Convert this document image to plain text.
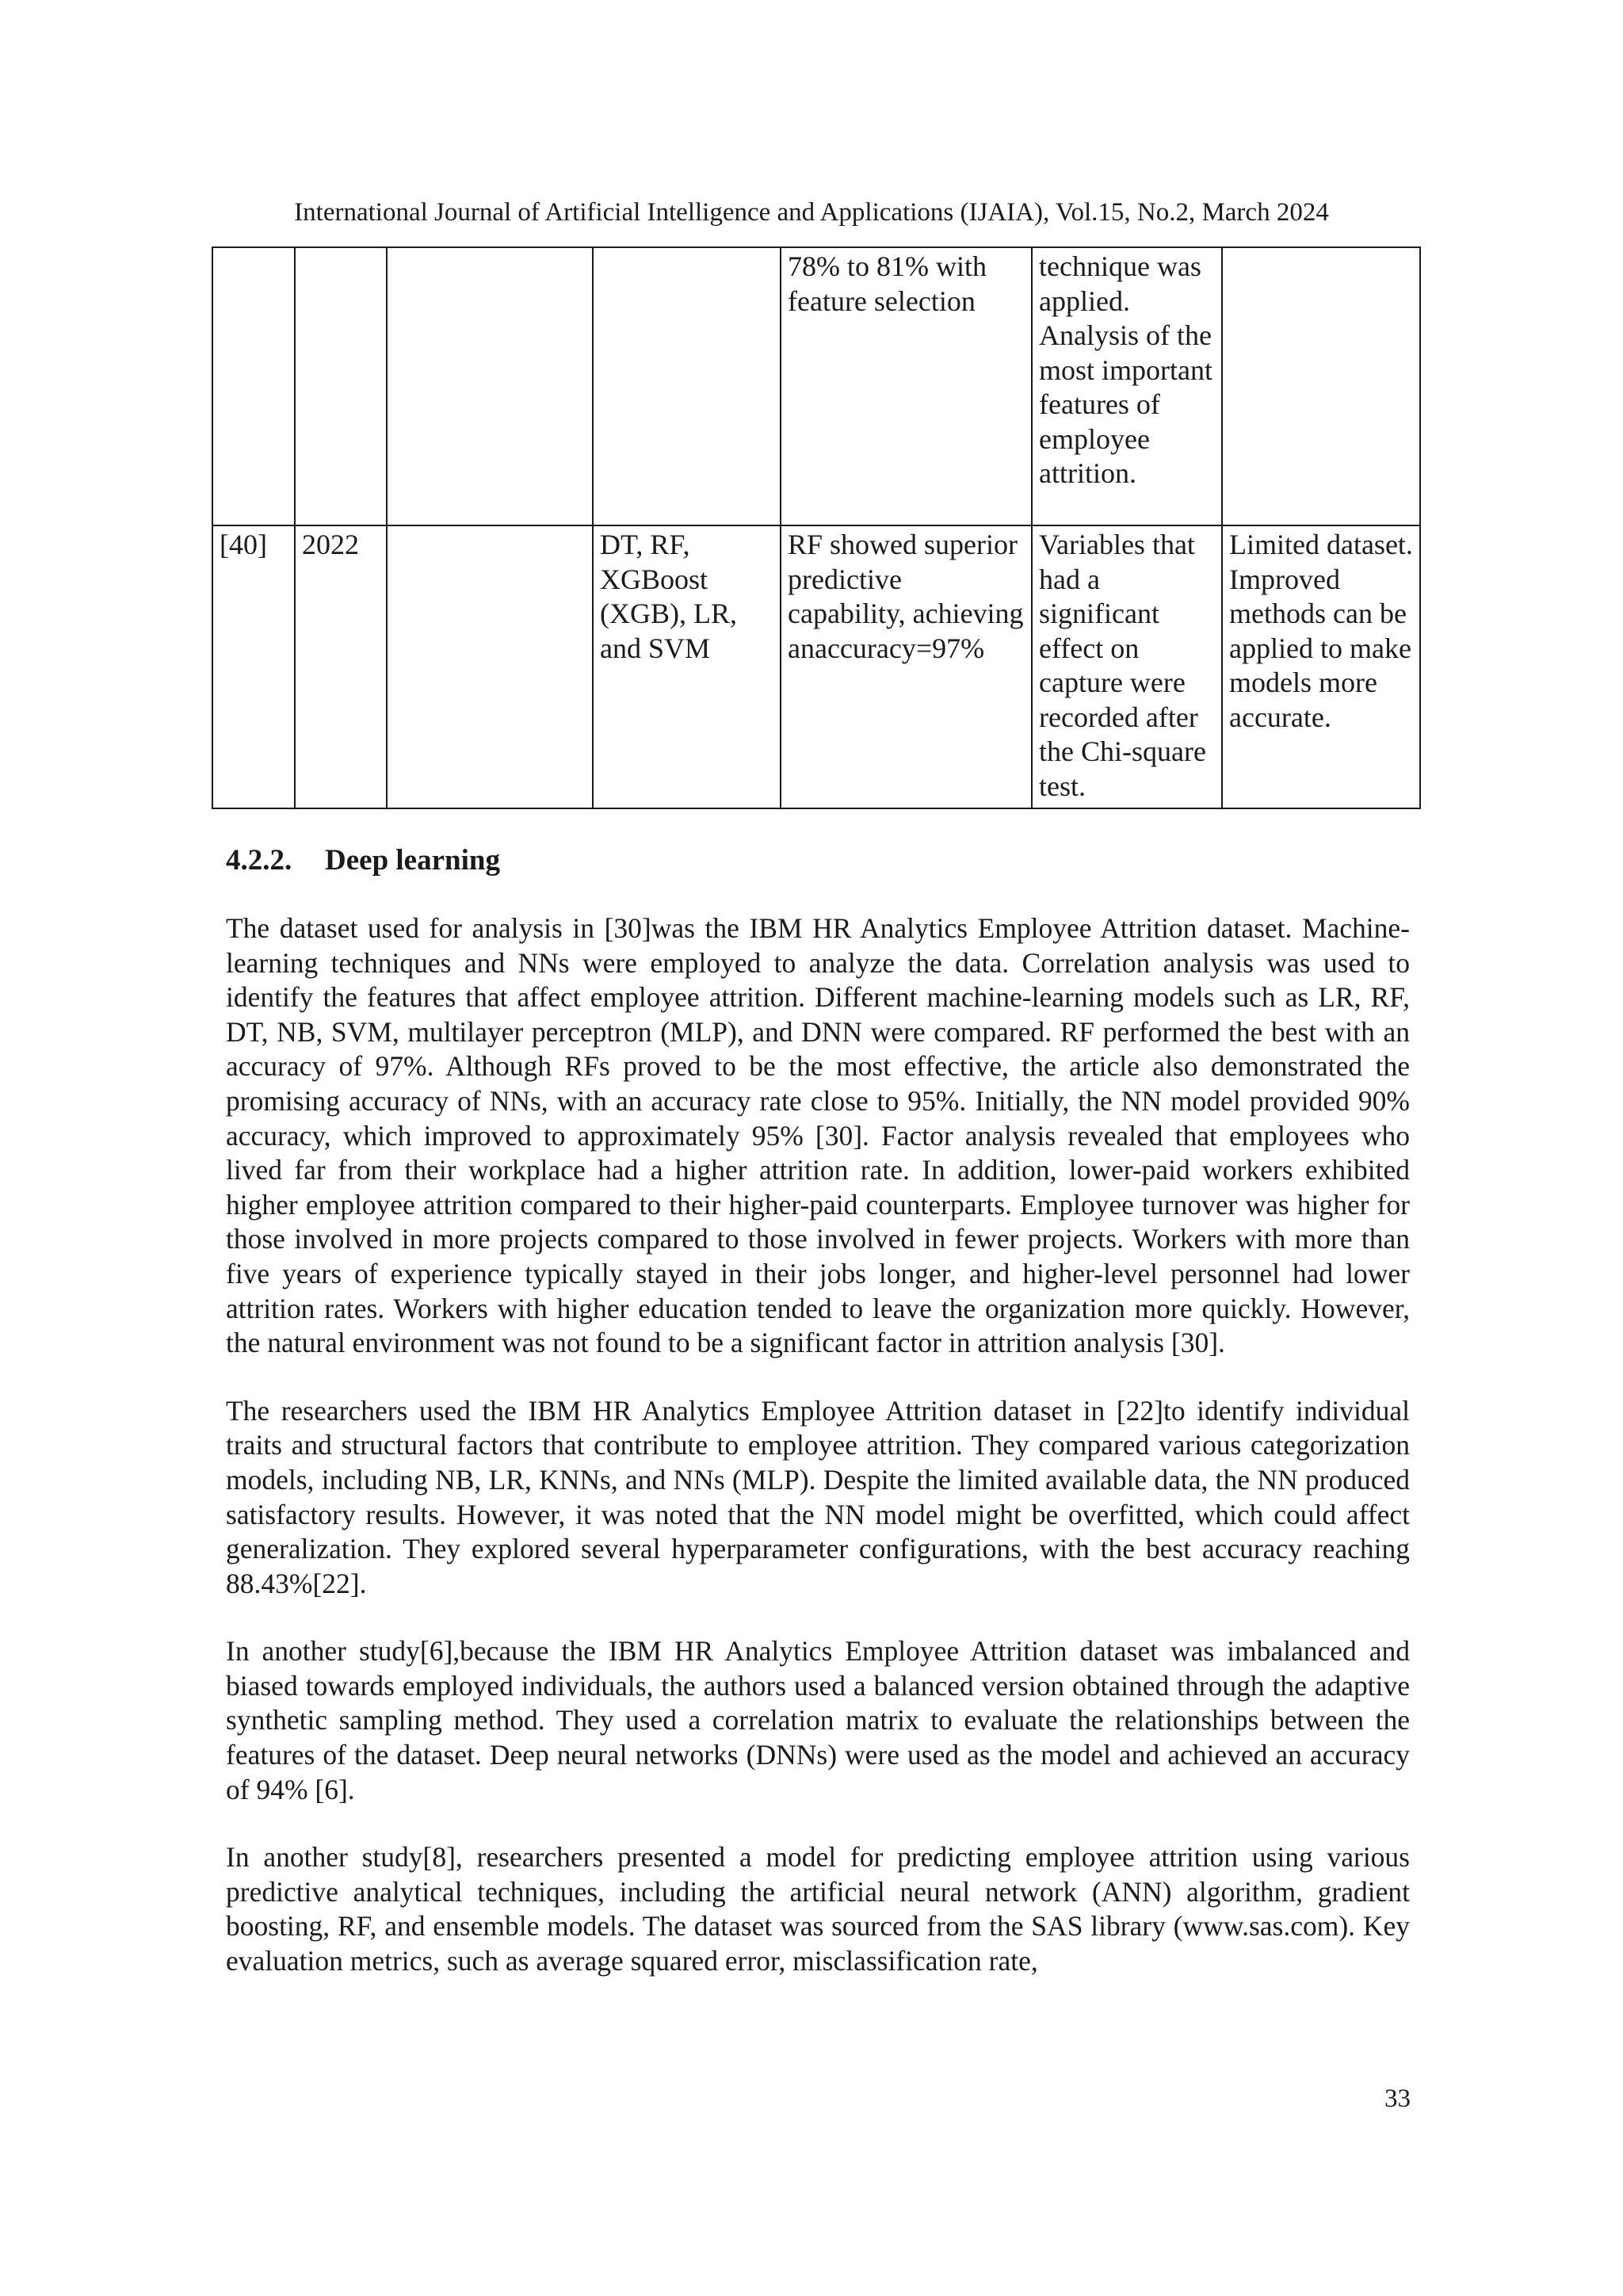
International Journal of Artificial Intelligence and Applications (IJAIA), Vol.15, No.2, March 2024
				78% to 81% with feature selection	technique was applied. Analysis of the most important features of employee attrition.	
[40]	2022		DT, RF, XGBoost (XGB), LR, and SVM	RF showed superior predictive capability, achieving anaccuracy=97%	Variables that had a significant effect on capture were recorded after the Chi-square test.	Limited dataset. Improved methods can be applied to make models more accurate.
4.2.2. Deep learning

The dataset used for analysis in [30]was the IBM HR Analytics Employee Attrition dataset. Machine-learning techniques and NNs were employed to analyze the data. Correlation analysis was used to identify the features that affect employee attrition. Different machine-learning models such as LR, RF, DT, NB, SVM, multilayer perceptron (MLP), and DNN were compared. RF performed the best with an accuracy of 97%. Although RFs proved to be the most effective, the article also demonstrated the promising accuracy of NNs, with an accuracy rate close to 95%. Initially, the NN model provided 90% accuracy, which improved to approximately 95% [30]. Factor analysis revealed that employees who lived far from their workplace had a higher attrition rate. In addition, lower-paid workers exhibited higher employee attrition compared to their higher-paid counterparts. Employee turnover was higher for those involved in more projects compared to those involved in fewer projects. Workers with more than five years of experience typically stayed in their jobs longer, and higher-level personnel had lower attrition rates. Workers with higher education tended to leave the organization more quickly. However, the natural environment was not found to be a significant factor in attrition analysis [30].

The researchers used the IBM HR Analytics Employee Attrition dataset in [22]to identify individual traits and structural factors that contribute to employee attrition. They compared various categorization models, including NB, LR, KNNs, and NNs (MLP). Despite the limited available data, the NN produced satisfactory results. However, it was noted that the NN model might be overfitted, which could affect generalization. They explored several hyperparameter configurations, with the best accuracy reaching 88.43%[22].

In another study[6],because the IBM HR Analytics Employee Attrition dataset was imbalanced and biased towards employed individuals, the authors used a balanced version obtained through the adaptive synthetic sampling method. They used a correlation matrix to evaluate the relationships between the features of the dataset. Deep neural networks (DNNs) were used as the model and achieved an accuracy of 94% [6].

In another study[8], researchers presented a model for predicting employee attrition using various predictive analytical techniques, including the artificial neural network (ANN) algorithm, gradient boosting, RF, and ensemble models. The dataset was sourced from the SAS library (www.sas.com). Key evaluation metrics, such as average squared error, misclassification rate,

33
